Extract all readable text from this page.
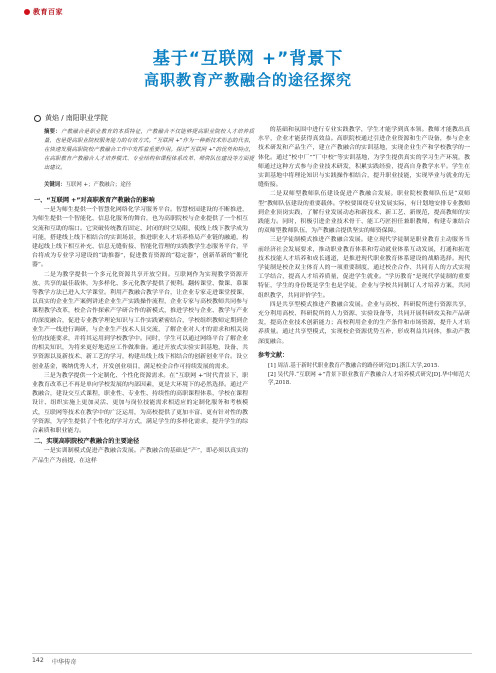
教育百家
基于“互联网 +”背景下
高职教育产教融合的途径探究
黄焰 / 南阳职业学院
摘要：产教融合是职业教育的本质特征，产教融合不仅能够提高职业院校人才培养质量，也是提高职业院校服务能力的有效方式。“互联网 +”作为一种新技术形态的代表，在快速发展高职院校产教融合工作中发挥着重要作用。探讨“互联网 +”的优势和特点，在高职教育产教融合人才培养模式、专业结构和课程体系改革、师资队伍建设等方面提出建议。
关键词：互联网 +；产教融合；途径
一、“互联网 +”对高职教育产教融合的影响

一是为师生提供一个智慧化网络化学习服务平台。智慧校园建设的不断推进，为师生提供一个智能化、信息化服务的舞台，也为高职院校与企业提供了一个相互交流和互助的端口。它突破传统教育固定、封闭的时空局限，使线上线下教学成为可能，搭建线上线下相结合的实训场景，推进职业人才培养格局产业链的融通，构建起线上线下相互补充、信息无缝衔接、智能化管理的实践教学生态服务平台，平台将成为专业学习建设的“助推器”，促进教育资源的“稳定器”，创新革新的“催化器”。

二是为教学提供一个多元化资源共享开放空间。互联网作为实现教学资源开放、共享的最佳载体，为多样化、多元化教学提供了便利。翻转课堂、微课、慕课等教学方法已进入大学课堂。利用产教融合教学平台，让企业专家走进课堂授课，以真实的企业生产案例讲述企业生产实践操作流程，企业专家与高校教师共同参与课程教学改革，校企合作探索产学研合作的新模式，推进学校与企业、教学与产业的深度融合，促进专业教学理论知识与工作实践紧密结合，学校组织教师定期到企业生产一线进行调研，与企业生产技术人员交流，了解企业对人才的需求和相关岗位的技能要求，并将其运用到学校教学中。同时，学生可以通过网络平台了解企业的相关知识，为将来更好地适应工作做准备。通过开放式实验实训基地，设备、共享资源以及新技术、新工艺的学习，构建出线上线下相结合的创新创业平台。设立创业基金，吸纳优秀人才，开发创业项目，满足校企合作可持续发展的需求。

三是为教学提供一个定制化、个性化资源需求。在“互联网 +”时代背景下，职业教育改革已不再是单向学校发展的内部因素，更是大环境下的必然选择。通过产教融合，建设交互式课程，职业性、专业性、持续性的高职课程体系，学校在课程设计、组织实施上更加灵活、更加与岗位技能需求相适应的定制化服务和考核模式，互联网等技术在教学中的广泛运用，为高校提供了更加丰富、更有针对性的教学资源，为学生提供了个性化的学习方式，满足学生的多样化需求，提升学生的综合素质和职业能力。

二、实现高职院校产教融合的主要途径

一是实训制模式促进产教融合发展。产教融合的基础是“产”，即必须以真实的产品生产为前提，在这样

的基础和氛围中进行专业实践教学，学生才能学到真本领。教师才能教出真水平，企业才能获得真效益。高职院校通过引进企业资源和生产设备，参与企业技术研发和产品生产，建立产教融合的实训基地，实现企业生产和学校教学的一体化。通过“校中厂”“厂中校”等实训基地，为学生提供真实的学习生产环境，教师通过这种方式参与企业技术研发，积累实践经验，提高自身教学水平。学生在实训基地中将理论知识与实践操作相结合，提升职业技能，实现毕业与就业的无缝衔接。

二是双师型教师队伍建设促进产教融合发展。职业院校教师队伍是“双师型”教师队伍建设的重要载体。学校要围绕专业发展实际，有计划地安排专业教师到企业顶岗实践，了解行业发展动态和新技术、新工艺、新规范，提高教师的实践能力。同时，积极引进企业技术骨干、能工巧匠担任兼职教师，构建专兼结合的双师型教师队伍，为产教融合提供坚实的师资保障。

三是学徒制模式推进产教融合发展。建立现代学徒制是职业教育主动服务当前经济社会发展要求，推动职业教育体系和劳动就业体系互动发展，打通和拓宽技术技能人才培养和成长通道，是推进现代职业教育体系建设的战略选择。现代学徒制是校企双主体育人的一项重要制度，通过校企合作、共同育人的方式实现工学结合，提高人才培养质量，促进学生就业。“学历教育”是现代学徒制的重要特征，学生的身份既是学生也是学徒，企业与学校共同制订人才培养方案，共同组织教学，共同评价学生。

四是共享型模式推进产教融合发展。企业与高校、科研院所进行资源共享，充分利用高校、科研院所的人力资源、实验设备等，共同开展科研攻关和产品研发，提高企业技术创新能力；高校利用企业的生产条件和市场资源，提升人才培养质量。通过共享型模式，实现校企资源优势互补，形成利益共同体，推动产教深度融合。

参考文献：

[1] 周洁.基于新时代职业教育产教融合的路径研究[D].浙江大学,2015.

[2] 吴代萍.“互联网 +”背景下职业教育产教融合人才培养模式研究[D].华中师范大学,2018.

142 中华传奇
